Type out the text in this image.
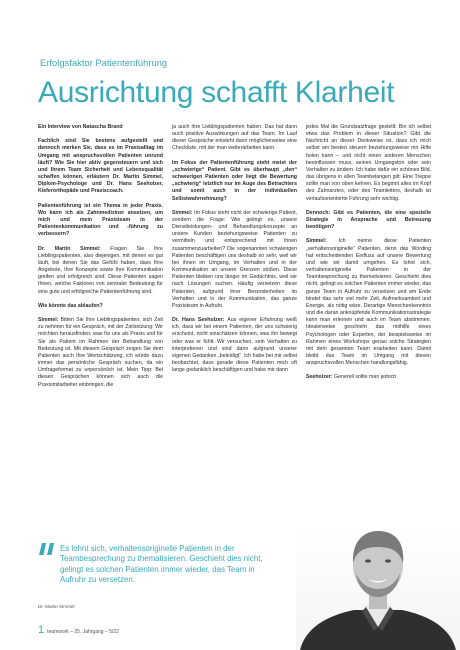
Erfolgsfaktor Patientenführung
Ausrichtung schafft Klarheit

Ein Interview von Natascha Brand

Fachlich sind Sie bestens aufgestellt und dennoch merken Sie, dass es im Praxisalltag im Umgang mit anspruchsvollen Patienten unrund läuft? Wie Sie hier aktiv gegensteuern und sich und Ihrem Team Sicherheit und Lebensqualität schaffen können, erläutern Dr. Martin Simmel, Diplom-Psychologe und Dr. Hans Seeholzer, Kieferorthopäde und Praxiscoach.

Patientenführung ist ein Thema in jeder Praxis. Wo kann ich als Zahnmediziner ansetzen, um mich und mein Praxisteam in der Patientenkommunikation und -führung zu verbessern?

Dr. Martin Simmel: Fragen Sie Ihre Lieblingspatienten, also diejenigen, mit denen es gut läuft, bei denen Sie das Gefühl haben, dass Ihre Angebote, Ihre Konzepte sowie Ihre Kommunikation greifen und erfolgreich sind: Diese Patienten sagen Ihnen, welche Faktoren von zentraler Bedeutung für eine gute und erfolgreiche Patientenführung sind.

Wie könnte das ablaufen?

Simmel: Bitten Sie Ihre Lieblingspatienten, sich Zeit zu nehmen für ein Gespräch, mit der Zielsetzung: Wir möchten herausfinden, was für uns als Praxis und für Sie als Patient im Rahmen der Behandlung von Bedeutung ist. Mit diesem Gespräch zeigen Sie dem Patienten auch Ihre Wertschätzung, ich würde dazu immer das persönliche Gespräch suchen, da ein Umfrageformat zu unpersönlich ist. Mein Tipp: Bei diesen Gesprächen können sich auch die Praxismitarbeiter einbringen, die

ja auch ihre Lieblingspatienten haben. Das hat dann auch positive Auswirkungen auf das Team. Im Lauf dieser Gespräche entsteht dann möglicherweise eine Checkliste, mit der man weiterarbeiten kann.

Im Fokus der Patientenführung steht meist der „schwierige“ Patient. Gibt es überhaupt „den“ schwierigen Patienten oder liegt die Bewertung „schwierig“ letztlich nur im Auge des Betrachters und somit auch in der individuellen Selbstwahrnehmung?

Simmel: Im Fokus steht nicht der schwierige Patient, sondern die Frage: Wie gelingt es, unsere Dienstleistungen- und Behandlungskonzepte an unsere Kunden beziehungsweise Patienten zu vermitteln und entsprechend mit ihnen zusammenzuarbeiten? Die sogenannten schwierigen Patienten beschäftigen uns deshalb so sehr, weil wir bei ihnen im Umgang, im Verhalten und in der Kommunikation an unsere Grenzen stoßen. Diese Patienten bleiben uns länger im Gedächtnis, weil wir nach Lösungen suchen. Häufig versetzen diese Patienten, aufgrund ihrer Besonderheiten im Verhalten und in der Kommunikation, das ganze Praxisteam in Aufruhr.

Dr. Hans Seeholzer: Aus eigener Erfahrung weiß ich, dass wir bei einem Patienten, der uns schwierig erscheint, nicht einschätzen können, was ihn bewegt oder was er fühlt. Wir versuchen, sein Verhalten zu interpretieren und sind dann aufgrund unserer eigenen Gedanken „beleidigt“. Ich habe bei mir selbst beobachtet, dass gerade diese Patienten mich oft lange gedanklich beschäftigen und habe mir dann

jedes Mal die Grundsatzfrage gestellt: Bin ich selbst etwa das Problem in dieser Situation? Gibt die Nachricht an dieser Denkweise ist, dass ich mich selbst am besten steuern beziehungsweise mir Hilfe holen kann – und nicht einen anderen Menschen beeinflussen muss, seinen Umgangston oder sein Verhalten zu ändern. Ich habe dafür ein schönes Bild, das übrigens in allen Teambelangen gilt: Eine Treppe sollte man von oben kehren. Es beginnt alles im Kopf des Zahnarztes, oder des Teamleiters, deshalb ist verlaufsorientierte Führung sehr wichtig.

Dennoch: Gibt es Patienten, die eine spezielle Strategie in Ansprache und Betreuung benötigen?

Simmel: Ich nenne diese Patienten „verhaltensoriginelle“ Patienten, denn das Wording hat entscheidenden Einfluss auf unsere Bewertung und wie wir damit umgehen. Es lohnt sich, verhaltensoriginelle Patienten in der Teambesprechung zu thematisieren. Geschieht dies nicht, gelingt es solchen Patienten immer wieder, das ganze Team in Aufruhr zu versetzen und am Ende bindet das sehr viel mehr Zeit, Aufmerksamkeit und Energie, als nötig wäre. Derartige Menschenkenntnis und die daran anknüpfende Kommunikationsstrategie kann man erlernen und auch im Team abstimmen. Idealerweise geschieht das mithilfe eines Psychologen oder Experten, der beispielsweise im Rahmen eines Workshops genau solche Strategien mit dem gesamten Team erarbeiten kann. Damit bleibt das Team im Umgang mit diesen anspruchsvollen Menschen handlungsfähig.

Seeholzer: Generell sollte man jedoch

Es lohnt sich, verhaltensoriginelle Patienten in der Teambesprechung zu thematisieren. Geschieht dies nicht, gelingt es solchen Patienten immer wieder, das Team in Aufruhr zu versetzen.
Dr. Martin Simmel
1 teamwork – 25. Jahrgang – 5/22
